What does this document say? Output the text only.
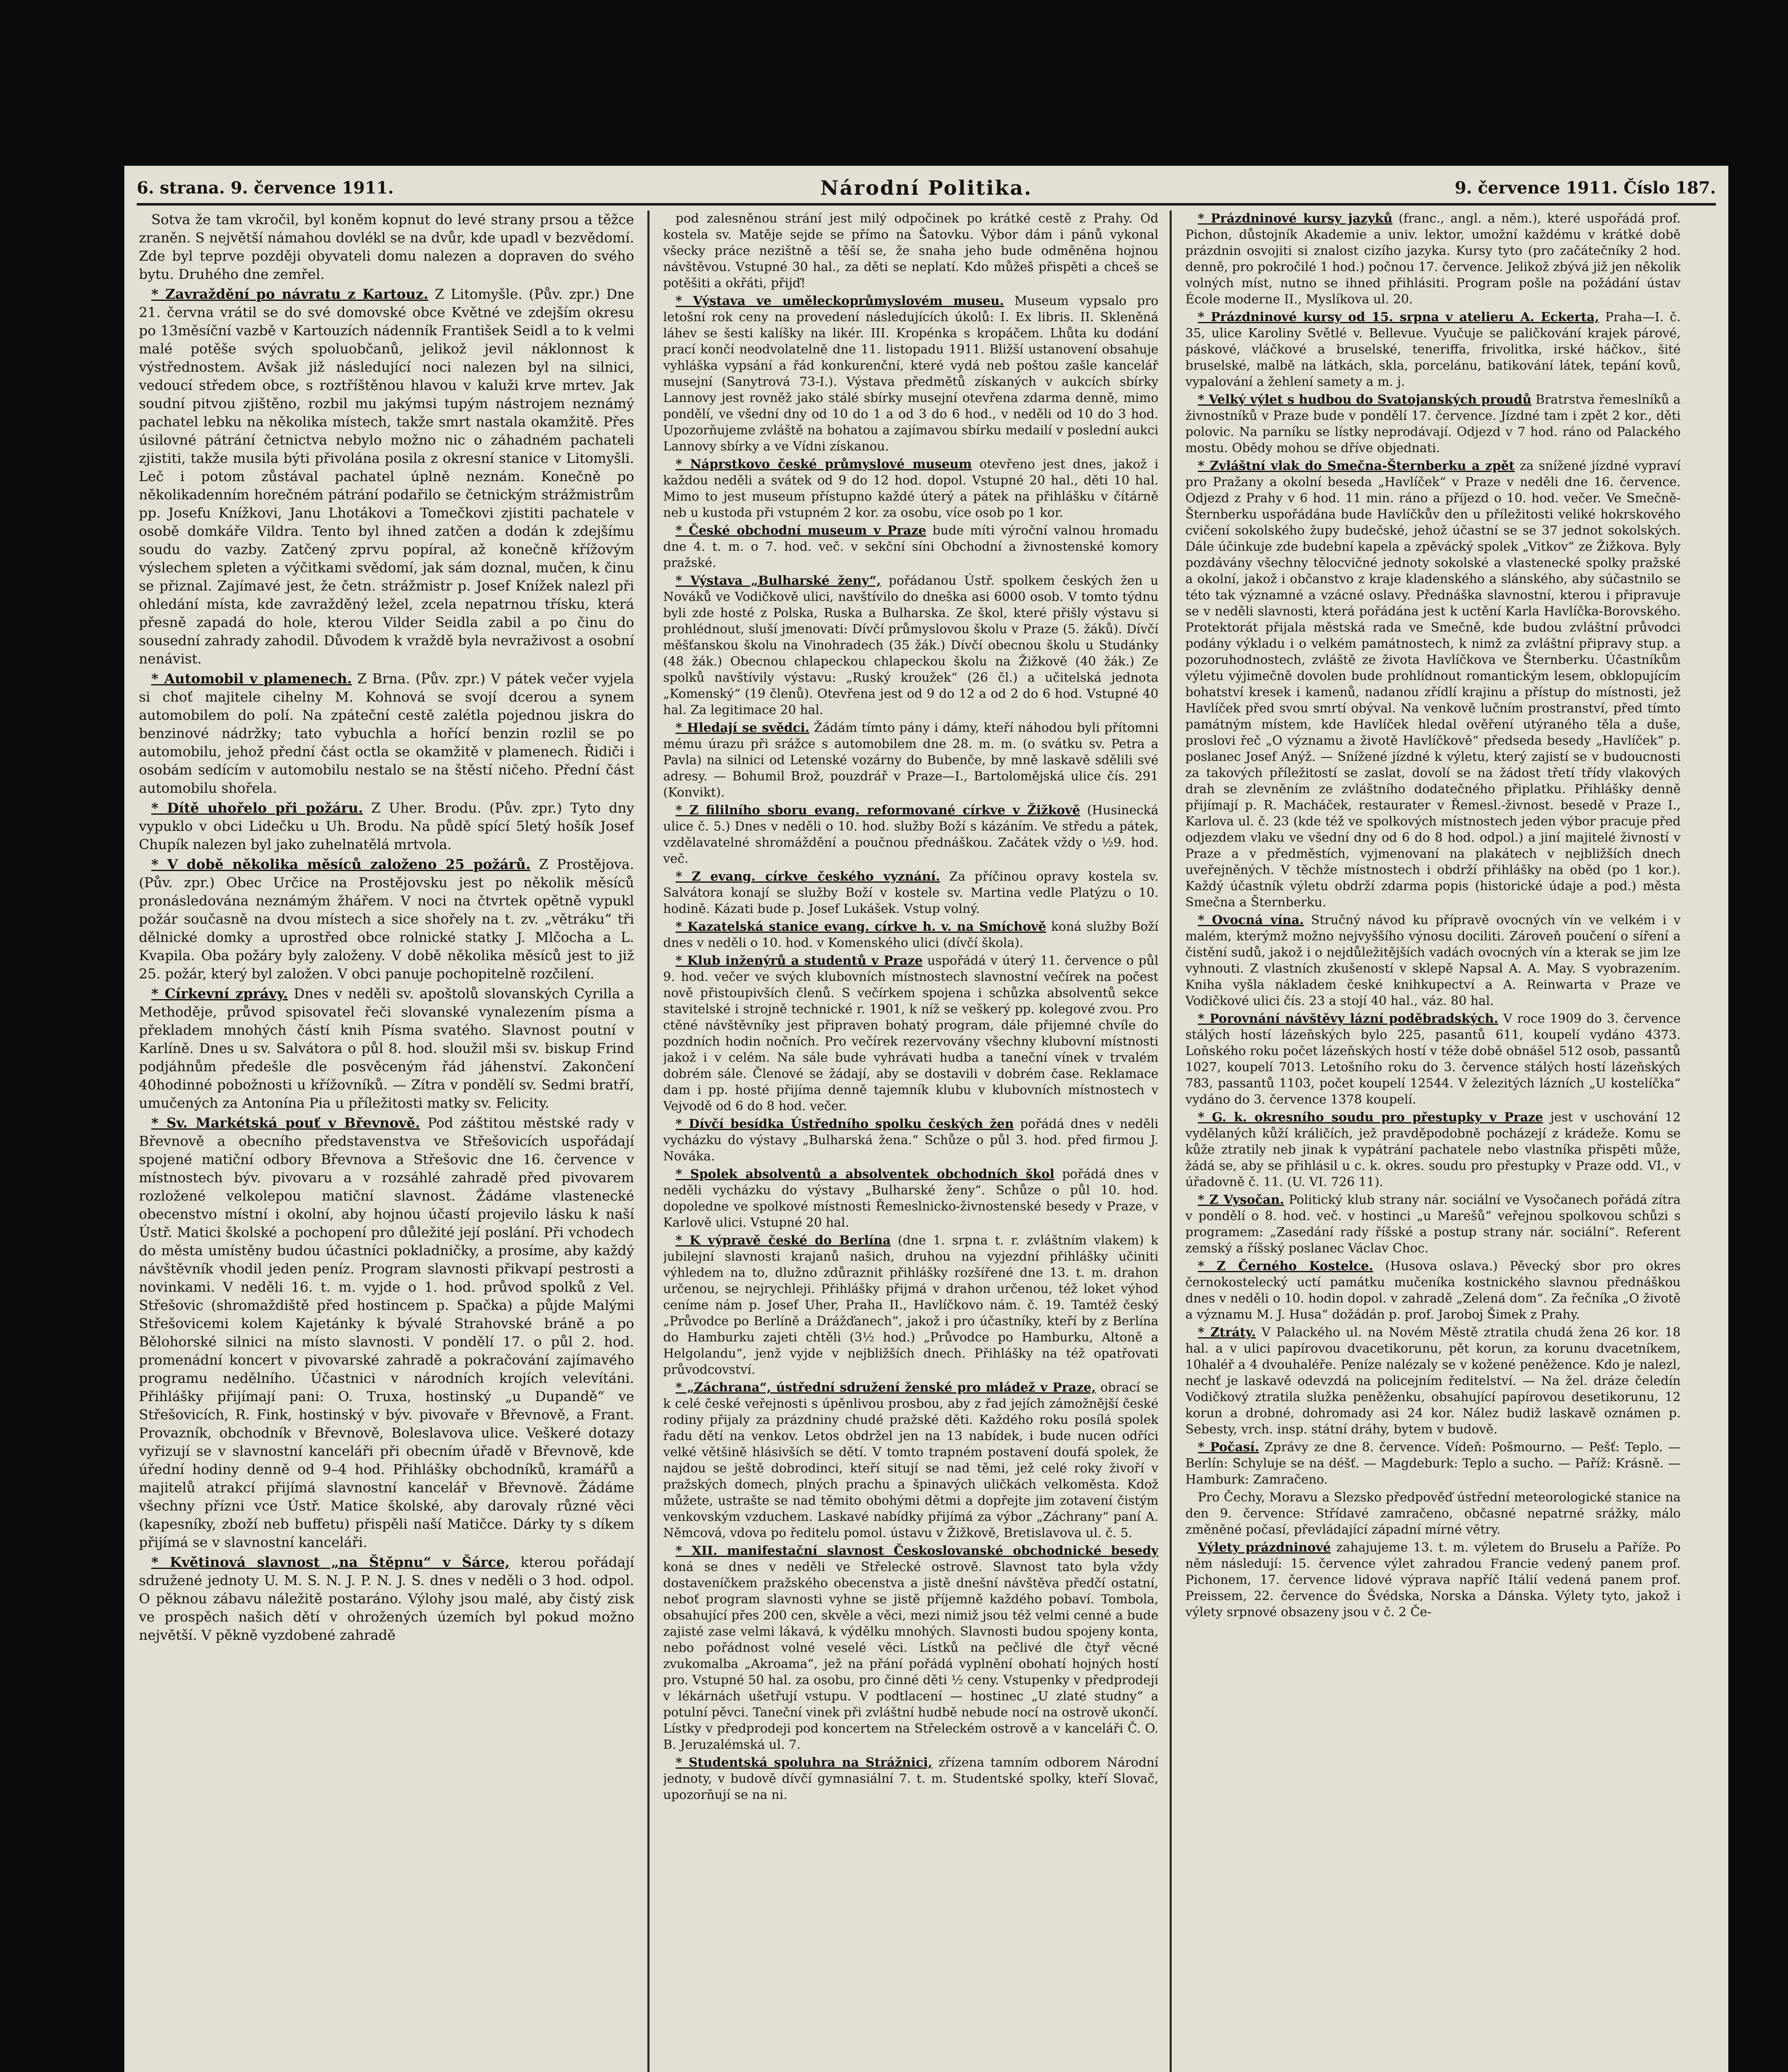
6. strana. 9. července 1911.	Národní Politika.	9. července 1911. Číslo 187.

Sotva že tam vkročil, byl koněm kopnut do levé strany prsou a těžce zraněn. S největší námahou dovlékl se na dvůr, kde upadl v bezvědomí. Zde byl teprve později obyvateli domu nalezen a dopraven do svého bytu. Druhého dne zemřel.

* Zavraždění po návratu z Kartouz. Z Litomyšle. (Pův. zpr.) Dne 21. června vrátil se do své domovské obce Květné ve zdejším okresu po 13měsíční vazbě v Kartouzích nádenník František Seidl a to k velmi malé potěše svých spoluobčanů, jelikož jevil náklonnost k výstřednostem. Avšak již následující noci nalezen byl na silnici, vedoucí středem obce, s roztříštěnou hlavou v kaluži krve mrtev. Jak soudní pitvou zjištěno, rozbil mu jakýmsi tupým nástrojem neznámý pachatel lebku na několika místech, takže smrt nastala okamžitě. Přes úsilovné pátrání četnictva nebylo možno nic o záhadném pachateli zjistiti, takže musila býti přivolána posila z okresní stanice v Litomyšli. Leč i potom zůstával pachatel úplně neznám. Konečně po několikadenním horečném pátrání podařilo se četnickým strážmistrům pp. Josefu Knížkovi, Janu Lhotákovi a Tomečkovi zjistiti pachatele v osobě domkáře Vildra. Tento byl ihned zatčen a dodán k zdejšímu soudu do vazby. Zatčený zprvu popíral, až konečně křížovým výslechem spleten a výčitkami svědomí, jak sám doznal, mučen, k činu se přiznal. Zajímavé jest, že četn. strážmistr p. Josef Knížek nalezl při ohledání místa, kde zavražděný ležel, zcela nepatrnou třísku, která přesně zapadá do hole, kterou Vilder Seidla zabil a po činu do sousední zahrady zahodil. Důvodem k vraždě byla nevraživost a osobní nenávist.

* Automobil v plamenech. Z Brna. (Pův. zpr.) V pátek večer vyjela si choť majitele cihelny M. Kohnová se svojí dcerou a synem automobilem do polí. Na zpáteční cestě zalétla pojednou jiskra do benzinové nádržky; tato vybuchla a hořící benzin rozlil se po automobilu, jehož přední část octla se okamžitě v plamenech. Řidiči i osobám sedícím v automobilu nestalo se na štěstí ničeho. Přední část automobilu shořela.

* Dítě uhořelo při požáru. Z Uher. Brodu. (Pův. zpr.) Tyto dny vypuklo v obci Lidečku u Uh. Brodu. Na půdě spící 5letý hošík Josef Chupík nalezen byl jako zuhelnatělá mrtvola.

* V době několika měsíců založeno 25 požárů. Z Prostějova. (Pův. zpr.) Obec Určice na Prostějovsku jest po několik měsíců pronásledována neznámým žhářem. V noci na čtvrtek opětně vypukl požár současně na dvou místech a sice shořely na t. zv. „větráku“ tři dělnické domky a uprostřed obce rolnické statky J. Mlčocha a L. Kvapila. Oba požáry byly založeny. V době několika měsíců jest to již 25. požár, který byl založen. V obci panuje pochopitelně rozčilení.

* Církevní zprávy. Dnes v neděli sv. apoštolů slovanských Cyrilla a Methoděje, průvod spisovatel řeči slovanské vynalezením písma a překladem mnohých částí knih Písma svatého. Slavnost poutní v Karlíně. Dnes u sv. Salvátora o půl 8. hod. sloužil mši sv. biskup Frind podjáhnům předešle dle posvěceným řád jáhenství. Zakončení 40hodinné pobožnosti u křížovníků. — Zítra v pondělí sv. Sedmi bratří, umučených za Antonína Pia u příležitosti matky sv. Felicity.

* Sv. Markétská pouť v Břevnově. Pod záštitou městské rady v Břevnově a obecního představenstva ve Střešovicích uspořádají spojené matiční odbory Břevnova a Střešovic dne 16. července v místnostech býv. pivovaru a v rozsáhlé zahradě před pivovarem rozložené velkolepou matiční slavnost. Žádáme vlastenecké obecenstvo místní i okolní, aby hojnou účastí projevilo lásku k naší Ústř. Matici školské a pochopení pro důležité její poslání. Při vchodech do města umístěny budou účastníci pokladničky, a prosíme, aby každý návštěvník vhodil jeden peníz. Program slavnosti přikvapí pestrosti a novinkami. V neděli 16. t. m. vyjde o 1. hod. průvod spolků z Vel. Střešovic (shromaždiště před hostincem p. Spačka) a půjde Malými Střešovicemi kolem Kajetánky k bývalé Strahovské bráně a po Bělohorské silnici na místo slavnosti. V pondělí 17. o půl 2. hod. promenádní koncert v pivovarské zahradě a pokračování zajímavého programu nedělního. Účastnici v národních krojích velevítáni. Přihlášky přijímají pani: O. Truxa, hostinský „u Dupandě“ ve Střešovicích, R. Fink, hostinský v býv. pivovaře v Břevnově, a Frant. Provazník, obchodník v Břevnově, Boleslavova ulice. Veškeré dotazy vyřizují se v slavnostní kanceláři při obecním úřadě v Břevnově, kde úřední hodiny denně od 9–4 hod. Přihlášky obchodníků, kramářů a majitelů atrakcí přijímá slavnostní kancelář v Břevnově. Žádáme všechny přízni vce Ústř. Matice školské, aby darovaly různé věci (kapesníky, zboží neb buffetu) přispěli naší Matičce. Dárky ty s díkem přijímá se v slavnostní kanceláři.

* Květinová slavnost „na Štěpnu“ v Šárce, kterou pořádají sdružené jednoty U. M. S. N. J. P. N. J. S. dnes v neděli o 3 hod. odpol. O pěknou zábavu náležitě postaráno. Výlohy jsou malé, aby čistý zisk ve prospěch našich dětí v ohrožených územích byl pokud možno největší. V pěkně vyzdobené zahradě

pod zalesněnou strání jest milý odpočinek po krátké cestě z Prahy. Od kostela sv. Matěje sejde se přímo na Šatovku. Výbor dám i pánů vykonal všecky práce nezištně a těší se, že snaha jeho bude odměněna hojnou návštěvou. Vstupné 30 hal., za děti se neplatí. Kdo můžeš přispěti a chceš se potěšiti a okřáti, přijď!

* Výstava ve uměleckoprůmyslovém museu. Museum vypsalo pro letošní rok ceny na provedení následujících úkolů: I. Ex libris. II. Skleněná láhev se šesti kalíšky na likér. III. Kropénka s kropáčem. Lhůta ku dodání prací končí neodvolatelně dne 11. listopadu 1911. Bližší ustanovení obsahuje vyhláška vypsání a řád konkurenční, které vydá neb poštou zašle kancelář musejní (Sanytrová 73-I.). Výstava předmětů získaných v aukcích sbírky Lannovy jest rovněž jako stálé sbírky musejní otevřena zdarma denně, mimo pondělí, ve všední dny od 10 do 1 a od 3 do 6 hod., v neděli od 10 do 3 hod. Upozorňujeme zvláště na bohatou a zajímavou sbírku medailí v poslední aukci Lannovy sbírky a ve Vídni získanou.

* Náprstkovo české průmyslové museum otevřeno jest dnes, jakož i každou neděli a svátek od 9 do 12 hod. dopol. Vstupné 20 hal., děti 10 hal. Mimo to jest museum přístupno každé úterý a pátek na přihlášku v čítárně neb u kustoda při vstupném 2 kor. za osobu, více osob po 1 kor.

* České obchodní museum v Praze bude míti výroční valnou hromadu dne 4. t. m. o 7. hod. več. v sekční síni Obchodní a živnostenské komory pražské.

* Výstava „Bulharské ženy“, pořádanou Ústř. spolkem českých žen u Nováků ve Vodičkově ulici, navštívilo do dneška asi 6000 osob. V tomto týdnu byli zde hosté z Polska, Ruska a Bulharska. Ze škol, které přišly výstavu si prohlédnout, sluší jmenovati: Dívčí průmyslovou školu v Praze (5. žáků). Dívčí měšťanskou školu na Vinohradech (35 žák.) Dívčí obecnou školu u Studánky (48 žák.) Obecnou chlapeckou chlapeckou školu na Žižkově (40 žák.) Ze spolků navštívily výstavu: „Ruský kroužek“ (26 čl.) a učitelská jednota „Komenský“ (19 členů). Otevřena jest od 9 do 12 a od 2 do 6 hod. Vstupné 40 hal. Za legitimace 20 hal.

* Hledají se svědci. Žádám tímto pány i dámy, kteří náhodou byli přítomni mému úrazu při srážce s automobilem dne 28. m. m. (o svátku sv. Petra a Pavla) na silnici od Letenské vozárny do Bubenče, by mně laskavě sdělili své adresy. — Bohumil Brož, pouzdrář v Praze—I., Bartolomějská ulice čís. 291 (Konvikt).

* Z fililního sboru evang. reformované církve v Žižkově (Husinecká ulice č. 5.) Dnes v neděli o 10. hod. služby Boží s kázáním. Ve středu a pátek, vzdělavatelné shromáždění a poučnou přednáškou. Začátek vždy o ½9. hod. več.

* Z evang. církve českého vyznání. Za příčinou opravy kostela sv. Salvátora konají se služby Boží v kostele sv. Martina vedle Platýzu o 10. hodině. Kázati bude p. Josef Lukášek. Vstup volný.

* Kazatelská stanice evang. církve h. v. na Smíchově koná služby Boží dnes v neděli o 10. hod. v Komenského ulici (dívčí škola).

* Klub inženýrů a studentů v Praze uspořádá v úterý 11. července o půl 9. hod. večer ve svých klubovních místnostech slavnostní večírek na počest nově přistoupivších členů. S večírkem spojena i schůzka absolventů sekce stavitelské i strojně technické r. 1901, k níž se veškerý pp. kolegové zvou. Pro ctěné návštěvníky jest připraven bohatý program, dále přijemné chvíle do pozdních hodin nočních. Pro večírek rezervovány všechny klubovní místnosti jakož i v celém. Na sále bude vyhrávati hudba a taneční vínek v trvalém dobrém sále. Členové se žádají, aby se dostavili v dobrém čase. Reklamace dam i pp. hosté přijíma denně tajemník klubu v klubovních místnostech v Vejvodě od 6 do 8 hod. večer.

* Dívčí besídka Ústředního spolku českých žen pořádá dnes v neděli vycházku do výstavy „Bulharská žena.“ Schůze o půl 3. hod. před firmou J. Nováka.

* Spolek absolventů a absolventek obchodních škol pořádá dnes v neděli vycházku do výstavy „Bulharské ženy“. Schůze o půl 10. hod. dopoledne ve spolkové místnosti Řemeslnicko-živnostenské besedy v Praze, v Karlově ulici. Vstupné 20 hal.

* K výpravě české do Berlína (dne 1. srpna t. r. zvláštním vlakem) k jubilejní slavnosti krajanů našich, druhou na vyjezdní přihlášky učiniti výhledem na to, dlužno zdůraznit přihlášky rozšířené dne 13. t. m. drahon určenou, se nejrychleji. Přihlášky přijmá v drahon určenou, též loket výhod ceníme nám p. Josef Uher, Praha II., Havlíčkovo nám. č. 19. Tamtéž český „Průvodce po Berlíně a Drážďanech“, jakož i pro účastníky, kteří by z Berlína do Hamburku zajeti chtěli (3½ hod.) „Průvodce po Hamburku, Altoně a Helgolandu“, jenž vyjde v nejbližších dnech. Přihlášky na též opatřovati průvodcovství.

* „Záchrana“, ústřední sdružení ženské pro mládež v Praze, obrací se k celé české veřejnosti s úpěnlivou prosbou, aby z řad jejích zámožnější české rodiny přijaly za prázdniny chudé pražské děti. Každého roku posílá spolek řadu dětí na venkov. Letos obdržel jen na 13 nabídek, i bude nucen odříci velké většině hlásivších se dětí. V tomto trapném postavení doufá spolek, že najdou se ještě dobrodinci, kteří sitují se nad těmi, jež celé roky živoří v pražských domech, plných prachu a špinavých uličkách velkoměsta. Kdož můžete, ustrašte se nad těmito obohými dětmi a dopřejte jim zotavení čistým venkovským vzduchem. Laskavé nabídky přijímá za výbor „Záchrany“ paní A. Němcová, vdova po ředitelu pomol. ústavu v Žižkově, Bretislavova ul. č. 5.

* XII. manifestační slavnost Českoslovanské obchodnické besedy koná se dnes v neděli ve Střelecké ostrově. Slavnost tato byla vždy dostaveníčkem pražského obecenstva a jistě dnešní návštěva předčí ostatní, neboť program slavnosti vyhne se jistě příjemně každého pobaví. Tombola, obsahující přes 200 cen, skvěle a věci, mezi nimiž jsou též velmi cenné a bude zajisté zase velmi lákavá, k výdělku mnohých. Slavnosti budou spojeny konta, nebo pořádnost volné veselé věci. Lístků na pečlivé dle čtyř věcné zvukomalba „Akroama“, jež na přání pořádá vyplnění obohatí hojných hostí pro. Vstupné 50 hal. za osobu, pro činné děti ½ ceny. Vstupenky v předprodeji v lékárnách ušetřují vstupu. V podtlacení — hostinec „U zlaté studny“ a potulní pěvci. Taneční vinek při zvláštní hudbě nebude nocí na ostrově ukončí. Lístky v předprodeji pod koncertem na Střeleckém ostrově a v kanceláři Č. O. B. Jeruzalémská ul. 7.

* Studentská spoluhra na Strážnici, zřízena tamním odborem Národní jednoty, v budově dívčí gymnasiální 7. t. m. Studentské spolky, kteří Slovač, upozorňují se na ni.

* Prázdninové kursy jazyků (franc., angl. a něm.), které uspořádá prof. Pichon, důstojník Akademie a univ. lektor, umožní každému v krátké době prázdnin osvojiti si znalost cizího jazyka. Kursy tyto (pro začátečníky 2 hod. denně, pro pokročilé 1 hod.) počnou 17. července. Jelikož zbývá již jen několik volných míst, nutno se ihned přihlásiti. Program pošle na požádání ústav École moderne II., Myslíkova ul. 20.

* Prázdninové kursy od 15. srpna v atelieru A. Eckerta, Praha—I. č. 35, ulice Karoliny Světlé v. Bellevue. Vyučuje se paličkování krajek párové, páskové, vláčkové a bruselské, teneriffa, frivolitka, irské háčkov., šité bruselské, malbě na látkách, skla, porcelánu, batikování látek, tepání kovů, vypalování a žehlení samety a m. j.

* Velký výlet s hudbou do Svatojanských proudů Bratrstva řemeslníků a živnostníků v Praze bude v pondělí 17. července. Jízdné tam i zpět 2 kor., děti polovic. Na parníku se lístky neprodávají. Odjezd v 7 hod. ráno od Palackého mostu. Obědy mohou se dříve objednati.

* Zvláštní vlak do Smečna-Šternberku a zpět za snížené jízdné vypraví pro Pražany a okolní beseda „Havlíček“ v Praze v neděli dne 16. července. Odjezd z Prahy v 6 hod. 11 min. ráno a příjezd o 10. hod. večer. Ve Smečně-Šternberku uspořádána bude Havlíčkův den u příležitosti veliké hokrskového cvičení sokolského župy budečské, jehož účastní se se 37 jednot sokolských. Dále účinkuje zde budební kapela a zpěvácký spolek „Vitkov“ ze Žižkova. Byly pozdávány všechny tělocvičné jednoty sokolské a vlastenecké spolky pražské a okolní, jakož i občanstvo z kraje kladenského a slánského, aby súčastnilo se této tak významné a vzácné oslavy. Přednáška slavnostní, kterou i připravuje se v neděli slavnosti, která pořádána jest k uctění Karla Havlíčka-Borovského. Protektorát přijala městská rada ve Smečně, kde budou zvláštní průvodci podány výkladu i o velkém památnostech, k nimž za zvláštní připravy stup. a pozoruhodnostech, zvláště ze života Havlíčkova ve Šternberku. Účastníkům výletu výjimečně dovolen bude prohlídnout romantickým lesem, obklopujícím bohatství kresek i kamenů, nadanou zřídlí krajinu a přístup do místnosti, jež Havlíček před svou smrtí obýval. Na venkově lučním prostranství, před tímto památným místem, kde Havlíček hledal ověření utýraného těla a duše, proslovi řeč „O významu a životě Havlíčkově“ předseda besedy „Havlíček“ p. poslanec Josef Anýž. — Snížené jízdné k výletu, který zajistí se v budoucnosti za takových příležitostí se zaslat, dovolí se na žádost třetí třídy vlakových drah se zlevněním ze zvláštního dodatečného připlatku. Přihlášky denně přijímají p. R. Macháček, restaurater v Řemesl.-živnost. besedě v Praze I., Karlova ul. č. 23 (kde též ve spolkových místnostech jeden výbor pracuje před odjezdem vlaku ve všední dny od 6 do 8 hod. odpol.) a jiní majitelé živností v Praze a v předměstích, vyjmenovaní na plakátech v nejbližších dnech uveřejněných. V těchže místnostech i obdrží přihlášky na oběd (po 1 kor.). Každý účastník výletu obdrží zdarma popis (historické údaje a pod.) města Smečna a Šternberku.

* Ovocná vína. Stručný návod ku přípravě ovocných vín ve velkém i v malém, kterýmž možno nejvyššího výnosu dociliti. Zároveň poučení o síření a čistění sudů, jakož i o nejdůležitějších vadách ovocných vín a kterak se jim lze vyhnouti. Z vlastních zkušeností v sklepě Napsal A. A. May. S vyobrazením. Kniha vyšla nákladem české knihkupectví a A. Reinwarta v Praze ve Vodičkové ulici čís. 23 a stojí 40 hal., váz. 80 hal.

* Porovnání návštěvy lázní poděbradských. V roce 1909 do 3. července stálých hostí lázeňských bylo 225, pasantů 611, koupelí vydáno 4373. Loňského roku počet lázeňských hostí v téže době obnášel 512 osob, passantů 1027, koupelí 7013. Letošního roku do 3. července stálých hostí lázeňských 783, passantů 1103, počet koupelí 12544. V železitých lázních „U kostelíčka“ vydáno do 3. července 1378 koupelí.

* G. k. okresního soudu pro přestupky v Praze jest v uschování 12 vydělaných kůží králičích, jež pravděpodobně pocházejí z krádeže. Komu se kůže ztratily neb jinak k vypátrání pachatele nebo vlastníka přispěti může, žádá se, aby se přihlásil u c. k. okres. soudu pro přestupky v Praze odd. VI., v úřadovně č. 11. (U. VI. 726 11).

* Z Vysočan. Politický klub strany nár. sociální ve Vysočanech pořádá zítra v pondělí o 8. hod. več. v hostinci „u Marešů“ veřejnou spolkovou schůzi s programem: „Zasedání rady říšské a postup strany nár. sociální“. Referent zemský a říšský poslanec Václav Choc.

* Z Černého Kostelce. (Husova oslava.) Pěvecký sbor pro okres černokostelecký uctí památku mučeníka kostnického slavnou přednáškou dnes v neděli o 10. hodin dopol. v zahradě „Zelená dom“. Za řečníka „O životě a významu M. J. Husa“ dožádán p. prof. Jaroboj Šimek z Prahy.

* Ztráty. V Palackého ul. na Novém Městě ztratila chudá žena 26 kor. 18 hal. a v ulici papírovou dvacetikorunu, pět korun, za korunu dvacetníkem, 10haléř a 4 dvouhaléře. Peníze nalézaly se v kožené peněžence. Kdo je nalezl, nechť je laskavě odevzdá na policejním ředitelství. — Na žel. dráze čeledín Vodičkový ztratila služka peněženku, obsahující papírovou desetikorunu, 12 korun a drobné, dohromady asi 24 kor. Nález budiž laskavě oznámen p. Sebesty, vrch. insp. státní dráhy, bytem v budově.

* Počasí. Zprávy ze dne 8. července. Vídeň: Pošmourno. — Pešť: Teplo. — Berlín: Schyluje se na déšť. — Magdeburk: Teplo a sucho. — Paříž: Krásně. — Hamburk: Zamračeno.

Pro Čechy, Moravu a Slezsko předpověď ústřední meteorologické stanice na den 9. července: Střídavé zamračeno, občasné nepatrné srážky, málo změněné počasí, převládající západní mírné větry.

Výlety prázdninové zahajujeme 13. t. m. výletem do Bruselu a Paříže. Po něm následují: 15. července výlet zahradou Francie vedený panem prof. Pichonem, 17. července lidové výprava napříč Itálií vedená panem prof. Preissem, 22. července do Švédska, Norska a Dánska. Výlety tyto, jakož i výlety srpnové obsazeny jsou v č. 2 Če-
